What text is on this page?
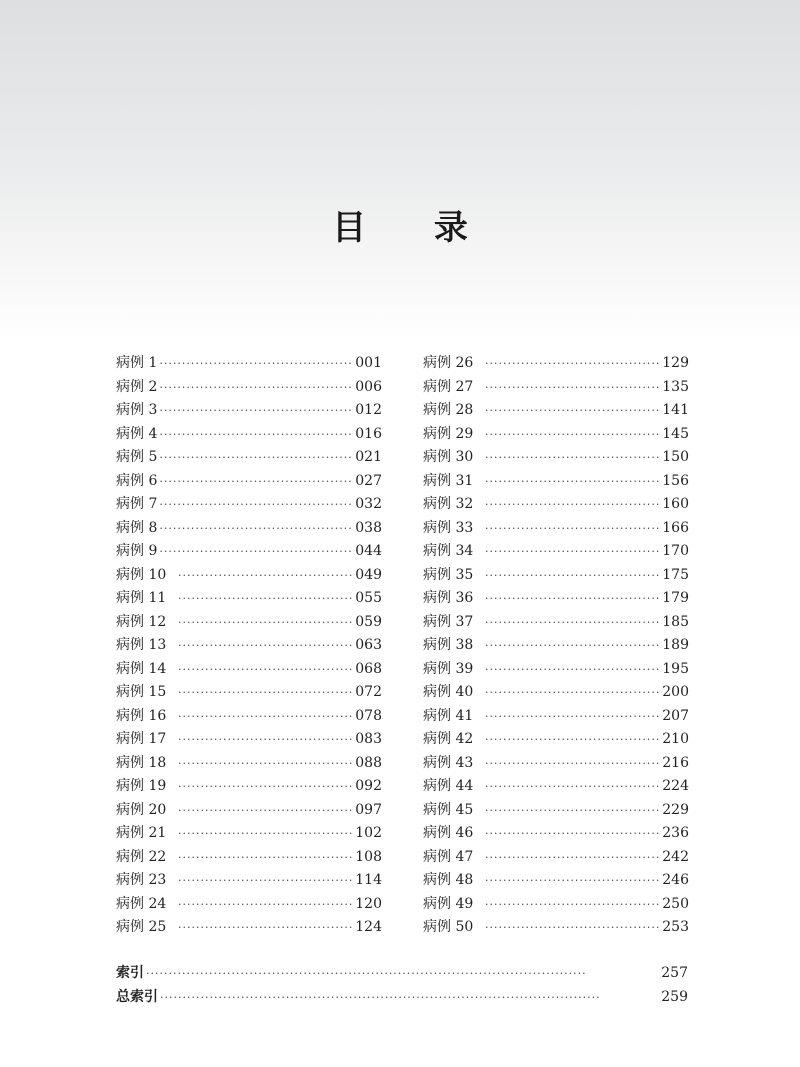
目 录
病例 1 ·····	001
病例 2 ·····	006
病例 3 ·····	012
病例 4 ·····	016
病例 5 ·····	021
病例 6 ·····	027
病例 7 ·····	032
病例 8 ·····	038
病例 9 ·····	044
病例 10 ·····	049
病例 11 ·····	055
病例 12 ·····	059
病例 13 ·····	063
病例 14 ·····	068
病例 15 ·····	072
病例 16 ·····	078
病例 17 ·····	083
病例 18 ·····	088
病例 19 ·····	092
病例 20 ·····	097
病例 21 ·····	102
病例 22 ·····	108
病例 23 ·····	114
病例 24 ·····	120
病例 25 ·····	124
病例 26 ·····	129
病例 27 ·····	135
病例 28 ·····	141
病例 29 ·····	145
病例 30 ·····	150
病例 31 ·····	156
病例 32 ·····	160
病例 33 ·····	166
病例 34 ·····	170
病例 35 ·····	175
病例 36 ·····	179
病例 37 ·····	185
病例 38 ·····	189
病例 39 ·····	195
病例 40 ·····	200
病例 41 ·····	207
病例 42 ·····	210
病例 43 ·····	216
病例 44 ·····	224
病例 45 ·····	229
病例 46 ·····	236
病例 47 ·····	242
病例 48 ·····	246
病例 49 ·····	250
病例 50 ·····	253
索引 ·····	257
总索引 ·····	259
